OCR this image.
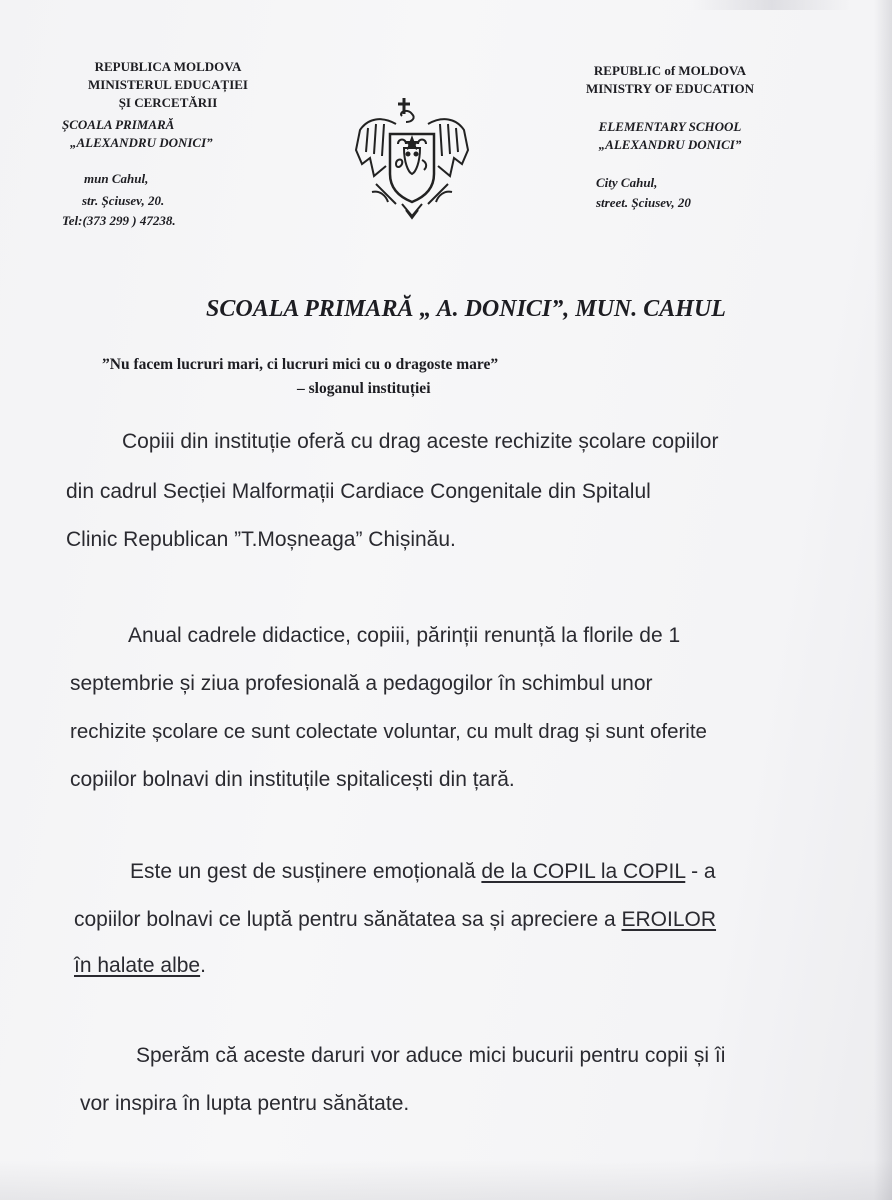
REPUBLICA MOLDOVA
MINISTERUL EDUCAȚIEI
ȘI CERCETĂRII
ȘCOALA PRIMARĂ
„ALEXANDRU DONICI”
mun Cahul,
str. Șciusev, 20.
Tel:(373 299 ) 47238.
REPUBLIC of MOLDOVA
MINISTRY OF EDUCATION
ELEMENTARY SCHOOL
„ALEXANDRU DONICI”
City Cahul,
street. Șciusev, 20
SCOALA PRIMARĂ „ A. DONICI”, MUN. CAHUL
”Nu facem lucruri mari, ci lucruri mici cu o dragoste mare”
– sloganul instituției
Copiii din instituție oferă cu drag aceste rechizite școlare copiilor
din cadrul Secției Malformații Cardiace Congenitale din Spitalul
Clinic Republican ”T.Moșneaga” Chișinău.
Anual cadrele didactice, copiii, părinții renunță la florile de 1
septembrie și ziua profesională a pedagogilor în schimbul unor
rechizite școlare ce sunt colectate voluntar, cu mult drag și sunt oferite
copiilor bolnavi din instituțile spitalicești din țară.
Este un gest de susținere emoțională de la COPIL la COPIL - a
copiilor bolnavi ce luptă pentru sănătatea sa și apreciere a EROILOR
în halate albe.
Sperăm că aceste daruri vor aduce mici bucurii pentru copii și îi
vor inspira în lupta pentru sănătate.
